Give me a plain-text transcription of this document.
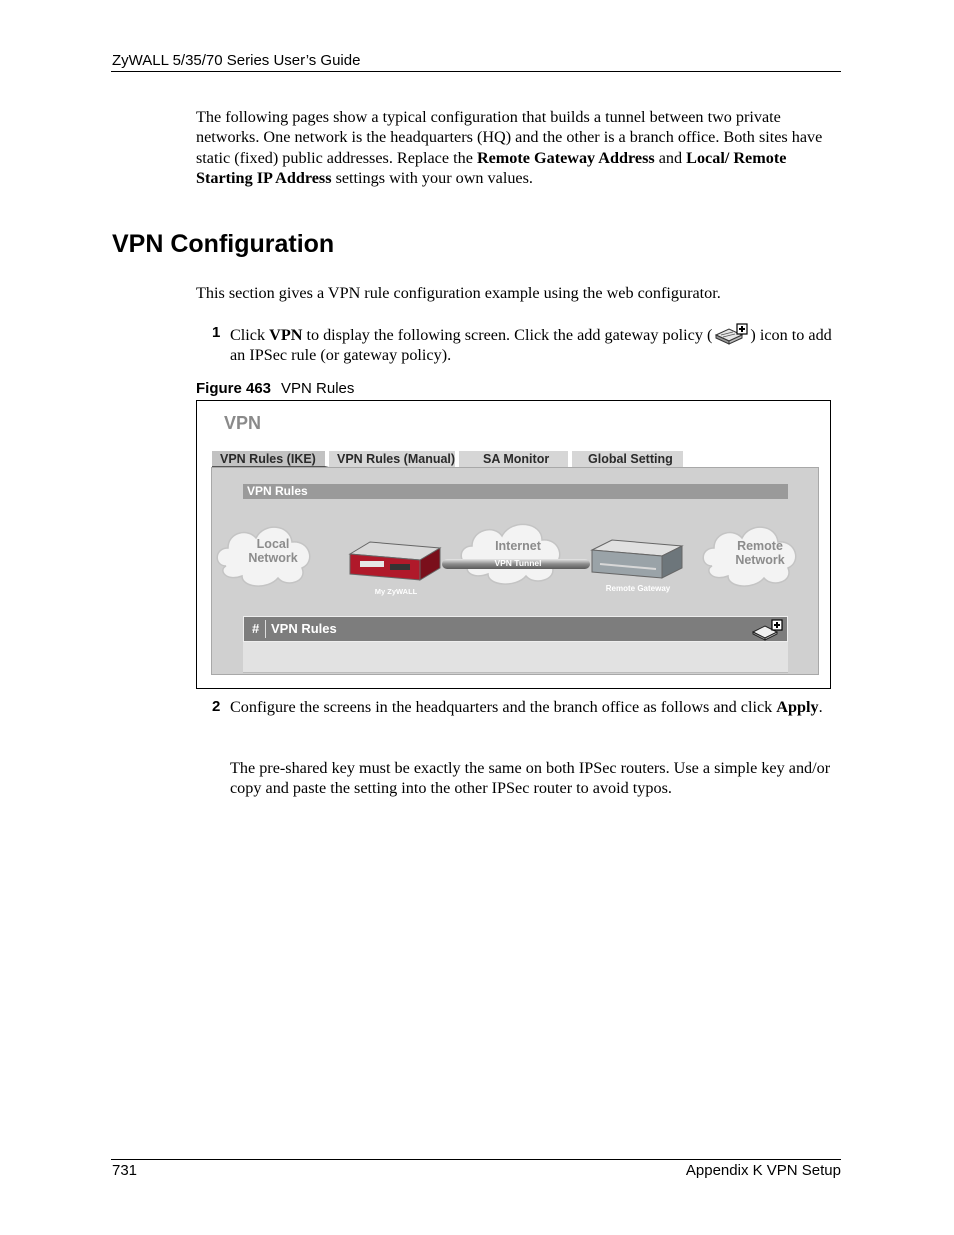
ZyWALL 5/35/70 Series User’s Guide

The following pages show a typical configuration that builds a tunnel between two private networks. One network is the headquarters (HQ) and the other is a branch office. Both sites have static (fixed) public addresses. Replace the Remote Gateway Address and Local/ Remote Starting IP Address settings with your own values.

VPN Configuration

This section gives a VPN rule configuration example using the web configurator.

1 Click VPN to display the following screen. Click the add gateway policy ( ) icon to add an IPSec rule (or gateway policy).
Figure 463 VPN Rules
VPN
VPN Rules (IKE)	VPN Rules (Manual)	SA Monitor	Global Setting
VPN Rules
Local
Network
My ZyWALL
Internet
VPN Tunnel
Remote Gateway
Remote
Network
# VPN Rules
2 Configure the screens in the headquarters and the branch office as follows and click Apply.
The pre-shared key must be exactly the same on both IPSec routers. Use a simple key and/or copy and paste the setting into the other IPSec router to avoid typos.
731	Appendix K VPN Setup
